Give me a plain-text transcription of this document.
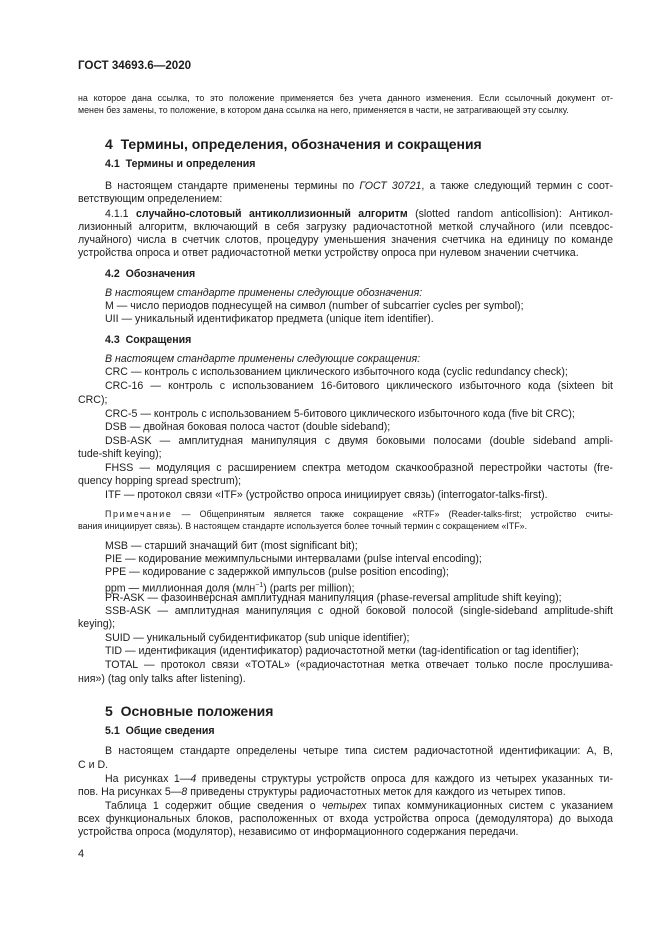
ГОСТ 34693.6—2020
на которое дана ссылка, то это положение применяется без учета данного изменения. Если ссылочный документ от-
менен без замены, то положение, в котором дана ссылка на него, применяется в части, не затрагивающей эту ссылку.
4 Термины, определения, обозначения и сокращения
4.1 Термины и определения
В настоящем стандарте применены термины по ГОСТ 30721, а также следующий термин с соот-
ветствующим определением:
4.1.1 случайно-слотовый антиколлизионный алгоритм (slotted random anticollision): Антикол-
лизионный алгоритм, включающий в себя загрузку радиочастотной меткой случайного (или псевдос-
лучайного) числа в счетчик слотов, процедуру уменьшения значения счетчика на единицу по команде
устройства опроса и ответ радиочастотной метки устройству опроса при нулевом значении счетчика.
4.2 Обозначения
В настоящем стандарте применены следующие обозначения:
M — число периодов поднесущей на символ (number of subcarrier cycles per symbol);
UII — уникальный идентификатор предмета (unique item identifier).
4.3 Сокращения
В настоящем стандарте применены следующие сокращения:
CRC — контроль с использованием циклического избыточного кода (cyclic redundancy check);
CRC-16 — контроль с использованием 16-битового циклического избыточного кода (sixteen bit
CRC);
CRC-5 — контроль с использованием 5-битового циклического избыточного кода (five bit CRC);
DSB — двойная боковая полоса частот (double sideband);
DSB-ASK — амплитудная манипуляция с двумя боковыми полосами (double sideband ampli-
tude-shift keying);
FHSS — модуляция с расширением спектра методом скачкообразной перестройки частоты (fre-
quency hopping spread spectrum);
ITF — протокол связи «ITF» (устройство опроса инициирует связь) (interrogator-talks-first).
Примечание — Общепринятым является также сокращение «RTF» (Reader-talks-first; устройство считы-
вания инициирует связь). В настоящем стандарте используется более точный термин с сокращением «ITF».
MSB — старший значащий бит (most significant bit);
PIE — кодирование межимпульсными интервалами (pulse interval encoding);
PPE — кодирование с задержкой импульсов (pulse position encoding);
ppm — миллионная доля (млн$^{-1}$) (parts per million);
PR-ASK — фазоинверсная амплитудная манипуляция (phase-reversal amplitude shift keying);
SSB-ASK — амплитудная манипуляция с одной боковой полосой (single-sideband amplitude-shift
keying);
SUID — уникальный субидентификатор (sub unique identifier);
TID — идентификация (идентификатор) радиочастотной метки (tag-identification or tag identifier);
TOTAL — протокол связи «TOTAL» («радиочастотная метка отвечает только после прослушива-
ния») (tag only talks after listening).
5 Основные положения
5.1 Общие сведения
В настоящем стандарте определены четыре типа систем радиочастотной идентификации: A, B,
C и D.
На рисунках 1—4 приведены структуры устройств опроса для каждого из четырех указанных ти-
пов. На рисунках 5—8 приведены структуры радиочастотных меток для каждого из четырех типов.
Таблица 1 содержит общие сведения о четырех типах коммуникационных систем с указанием
всех функциональных блоков, расположенных от входа устройства опроса (демодулятора) до выхода
устройства опроса (модулятор), независимо от информационного содержания передачи.
4
